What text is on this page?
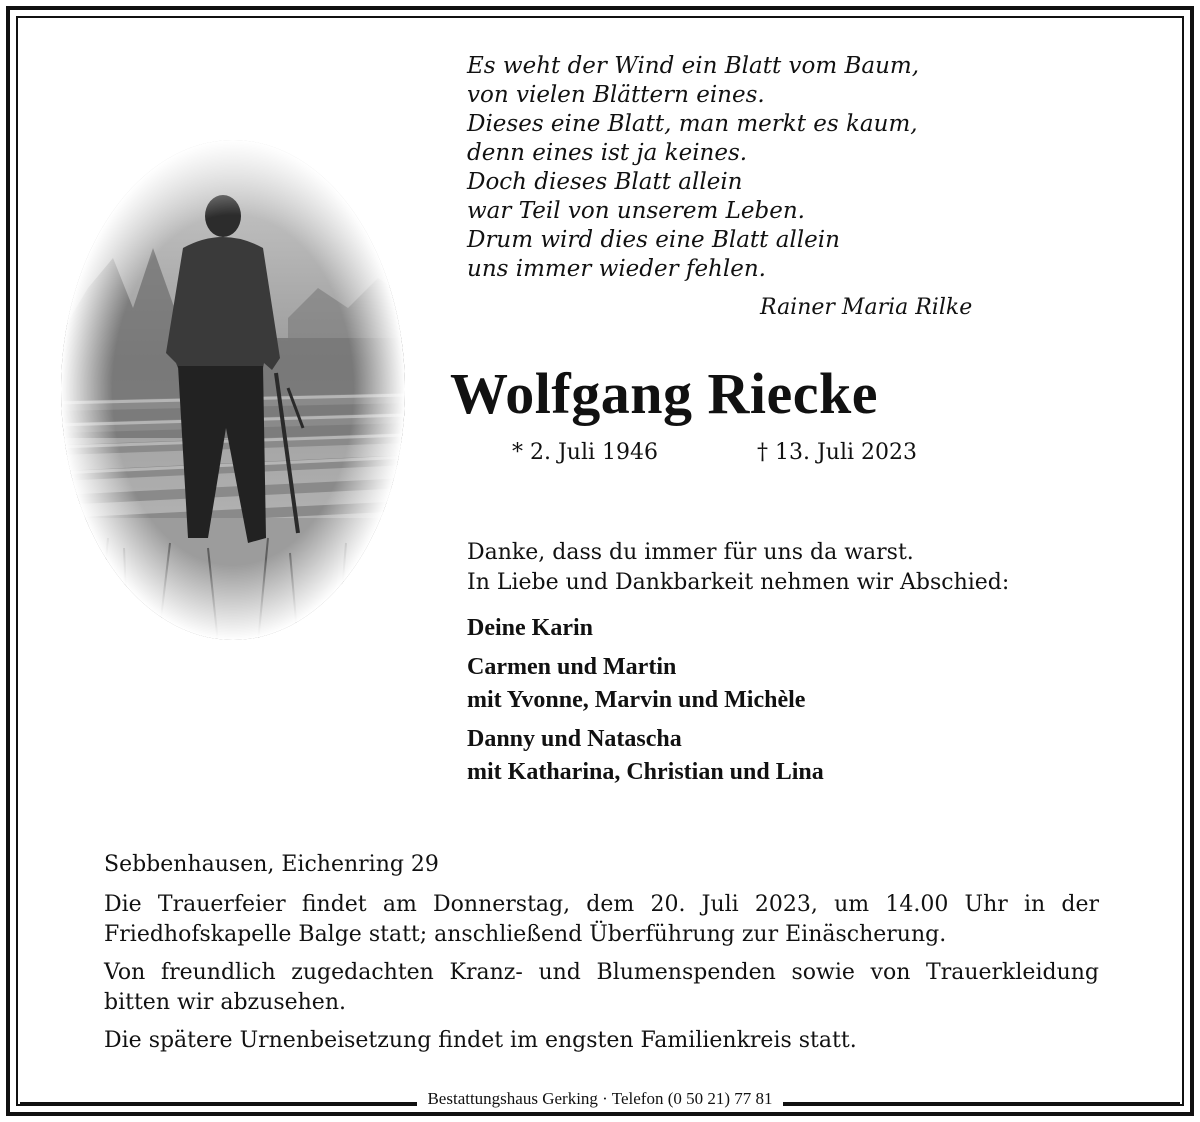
Es weht der Wind ein Blatt vom Baum,
von vielen Blättern eines.
Dieses eine Blatt, man merkt es kaum,
denn eines ist ja keines.
Doch dieses Blatt allein
war Teil von unserem Leben.
Drum wird dies eine Blatt allein
uns immer wieder fehlen.
Rainer Maria Rilke
Wolfgang Riecke
* 2. Juli 1946	† 13. Juli 2023
Danke, dass du immer für uns da warst.
In Liebe und Dankbarkeit nehmen wir Abschied:
Deine Karin
Carmen und Martin
mit Yvonne, Marvin und Michèle
Danny und Natascha
mit Katharina, Christian und Lina

Sebbenhausen, Eichenring 29

Die Trauerfeier findet am Donnerstag, dem 20. Juli 2023, um 14.00 Uhr in der Friedhofskapelle Balge statt; anschließend Überführung zur Einäscherung.

Von freundlich zugedachten Kranz- und Blumenspenden sowie von Trauerkleidung bitten wir abzusehen.

Die spätere Urnenbeisetzung findet im engsten Familienkreis statt.

Bestattungshaus Gerking · Telefon (0 50 21) 77 81
